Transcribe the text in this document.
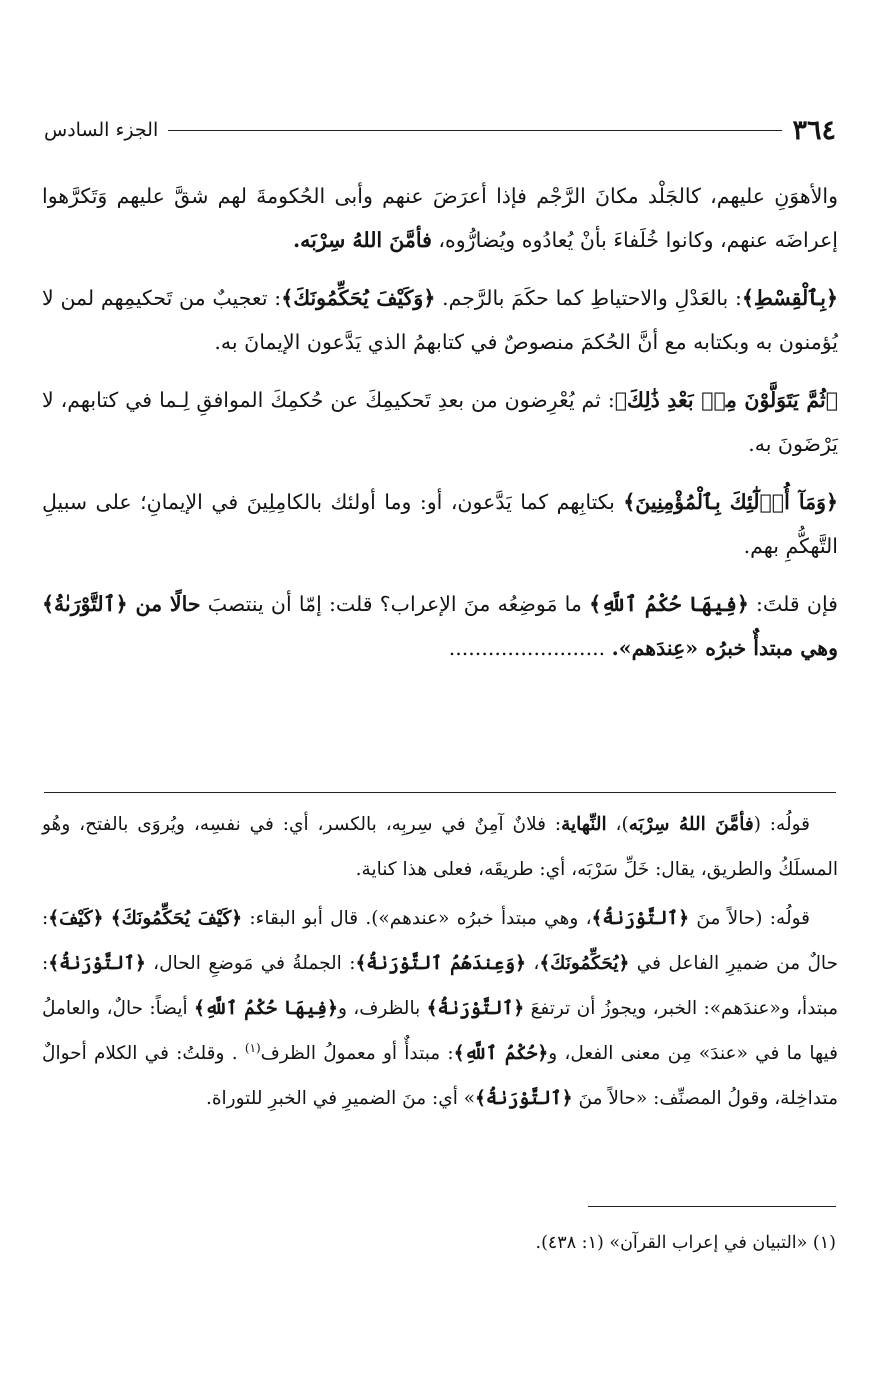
٣٦٤
الجزء السادس

والأهوَنِ عليهم، كالجَلْد مكانَ الرَّجْم فإذا أعرَضَ عنهم وأبى الحُكومةَ لهم شقَّ عليهم وَتَكرَّهوا إعراضَه عنهم، وكانوا خُلَفاءَ بأنْ يُعادُوه ويُضارُّوه، فأمَّنَ اللهُ سِرْبَه.

﴿بِٱلْقِسْطِ﴾: بالعَدْلِ والاحتياطِ كما حكَمَ بالرَّجم. ﴿وَكَيْفَ يُحَكِّمُونَكَ﴾: تعجيبٌ من تَحكيمِهم لمن لا يُؤمنون به وبكتابه مع أنَّ الحُكمَ منصوصٌ في كتابهمُ الذي يَدَّعون الإيمانَ به.

﴿ثُمَّ يَتَوَلَّوْنَ مِنۢ بَعْدِ ذَٰلِكَ﴾: ثم يُعْرِضون من بعدِ تَحكيمِكَ عن حُكمِكَ الموافقِ لِـما في كتابهم، لا يَرْضَونَ به.

﴿وَمَآ أُو۟لَٰٓئِكَ بِٱلْمُؤْمِنِينَ﴾ بكتابِهم كما يَدَّعون، أو: وما أولئك بالكامِلِينَ في الإيمانِ؛ على سبيلِ التَّهكُّمِ بهم.

فإن قلتَ: ﴿فِيهَا حُكْمُ ٱللَّهِ﴾ ما مَوضِعُه منَ الإعراب؟ قلت: إمّا أن ينتصبَ حالًا من ﴿ٱلتَّوْرَىٰةُ﴾ وهي مبتدأٌ خبرُه «عِندَهم». ........................

قولُه: (فأمَّنَ اللهُ سِرْبَه)، النِّهاية: فلانٌ آمِنٌ في سِربِه، بالكسر، أي: في نفسِه، ويُروَى بالفتح، وهُو المسلَكُ والطريق، يقال: خَلِّ سَرْبَه، أي: طريقَه، فعلى هذا كناية.

قولُه: (حالاً منَ ﴿ٱلتَّوْرَىٰةُ﴾، وهي مبتدأ خبرُه «عندهم»). قال أبو البقاء: ﴿كَيْفَ يُحَكِّمُونَكَ﴾ ﴿كَيْفَ﴾: حالٌ من ضميرِ الفاعل في ﴿يُحَكِّمُونَكَ﴾، ﴿وَعِندَهُمُ ٱلتَّوْرَىٰةُ﴾: الجملةُ في مَوضعِ الحال، ﴿ٱلتَّوْرَىٰةُ﴾: مبتدأ، و«عندَهم»: الخبر، ويجوزُ أن ترتفعَ ﴿ٱلتَّوْرَىٰةُ﴾ بالظرف، و﴿فِيهَا حُكْمُ ٱللَّهِ﴾ أيضاً: حالٌ، والعاملُ فيها ما في «عندَ» مِن معنى الفعل، و﴿حُكْمُ ٱللَّهِ﴾: مبتدأٌ أو معمولُ الظرف$^{(١)}$ . وقلتُ: في الكلام أحوالٌ متداخِلة، وقولُ المصنِّف: «حالاً منَ ﴿ٱلتَّوْرَىٰةُ﴾» أي: منَ الضميرِ في الخبرِ للتوراة.

(١) «التبيان في إعراب القرآن» (١: ٤٣٨).
